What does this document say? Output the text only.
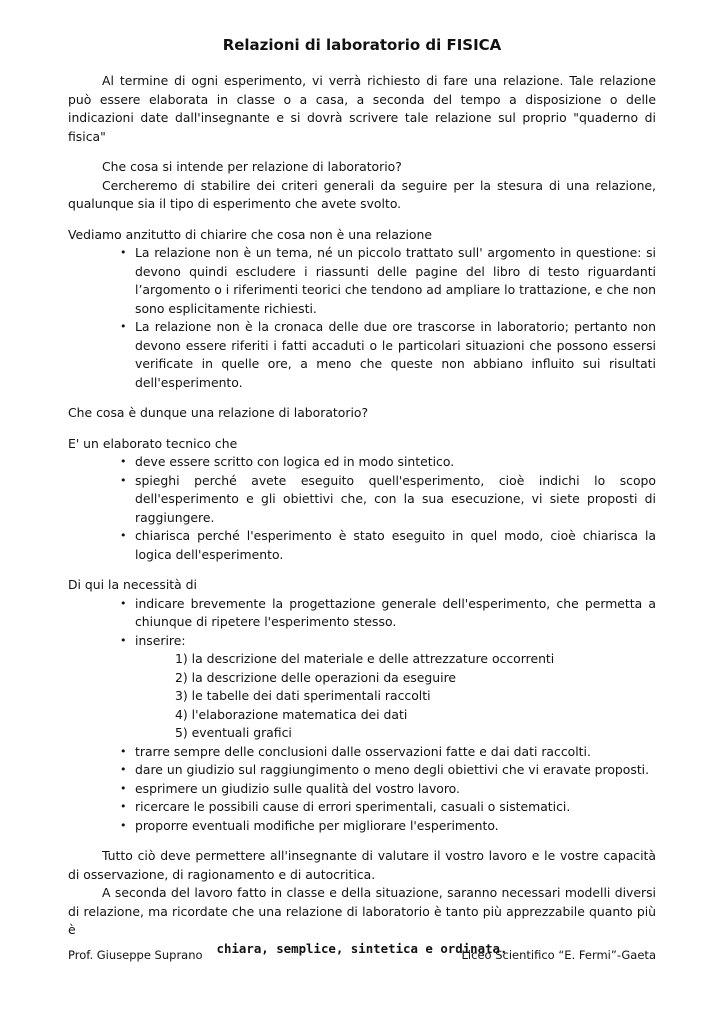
Relazioni di laboratorio di FISICA

Al termine di ogni esperimento, vi verrà richiesto di fare una relazione. Tale relazione può essere elaborata in classe o a casa, a seconda del tempo a disposizione o delle indicazioni date dall'insegnante e si dovrà scrivere tale relazione sul proprio "quaderno di fisica"

Che cosa si intende per relazione di laboratorio?

Cercheremo di stabilire dei criteri generali da seguire per la stesura di una relazione, qualunque sia il tipo di esperimento che avete svolto.

Vediamo anzitutto di chiarire che cosa non è una relazione

• La relazione non è un tema, né un piccolo trattato sull' argomento in questione: si devono quindi escludere i riassunti delle pagine del libro di testo riguardanti l’argomento o i riferimenti teorici che tendono ad ampliare lo trattazione, e che non sono esplicitamente richiesti.
• La relazione non è la cronaca delle due ore trascorse in laboratorio; pertanto non devono essere riferiti i fatti accaduti o le particolari situazioni che possono essersi verificate in quelle ore, a meno che queste non abbiano influito sui risultati dell'esperimento.

Che cosa è dunque una relazione di laboratorio?

E' un elaborato tecnico che

• deve essere scritto con logica ed in modo sintetico.
• spieghi perché avete eseguito quell'esperimento, cioè indichi lo scopo dell'esperimento e gli obiettivi che, con la sua esecuzione, vi siete proposti di raggiungere.
• chiarisca perché l'esperimento è stato eseguito in quel modo, cioè chiarisca la logica dell'esperimento.

Di qui la necessità di

• indicare brevemente la progettazione generale dell'esperimento, che permetta a chiunque di ripetere l'esperimento stesso.
• inserire:
1) la descrizione del materiale e delle attrezzature occorrenti
2) la descrizione delle operazioni da eseguire
3) le tabelle dei dati sperimentali raccolti
4) l'elaborazione matematica dei dati
5) eventuali grafici
• trarre sempre delle conclusioni dalle osservazioni fatte e dai dati raccolti.
• dare un giudizio sul raggiungimento o meno degli obiettivi che vi eravate proposti.
• esprimere un giudizio sulle qualità del vostro lavoro.
• ricercare le possibili cause di errori sperimentali, casuali o sistematici.
• proporre eventuali modifiche per migliorare l'esperimento.

Tutto ciò deve permettere all'insegnante di valutare il vostro lavoro e le vostre capacità di osservazione, di ragionamento e di autocritica.

A seconda del lavoro fatto in classe e della situazione, saranno necessari modelli diversi di relazione, ma ricordate che una relazione di laboratorio è tanto più apprezzabile quanto più è

chiara, semplice, sintetica e ordinata.

Prof. Giuseppe Suprano	Liceo Scientifico “E. Fermi”-Gaeta
